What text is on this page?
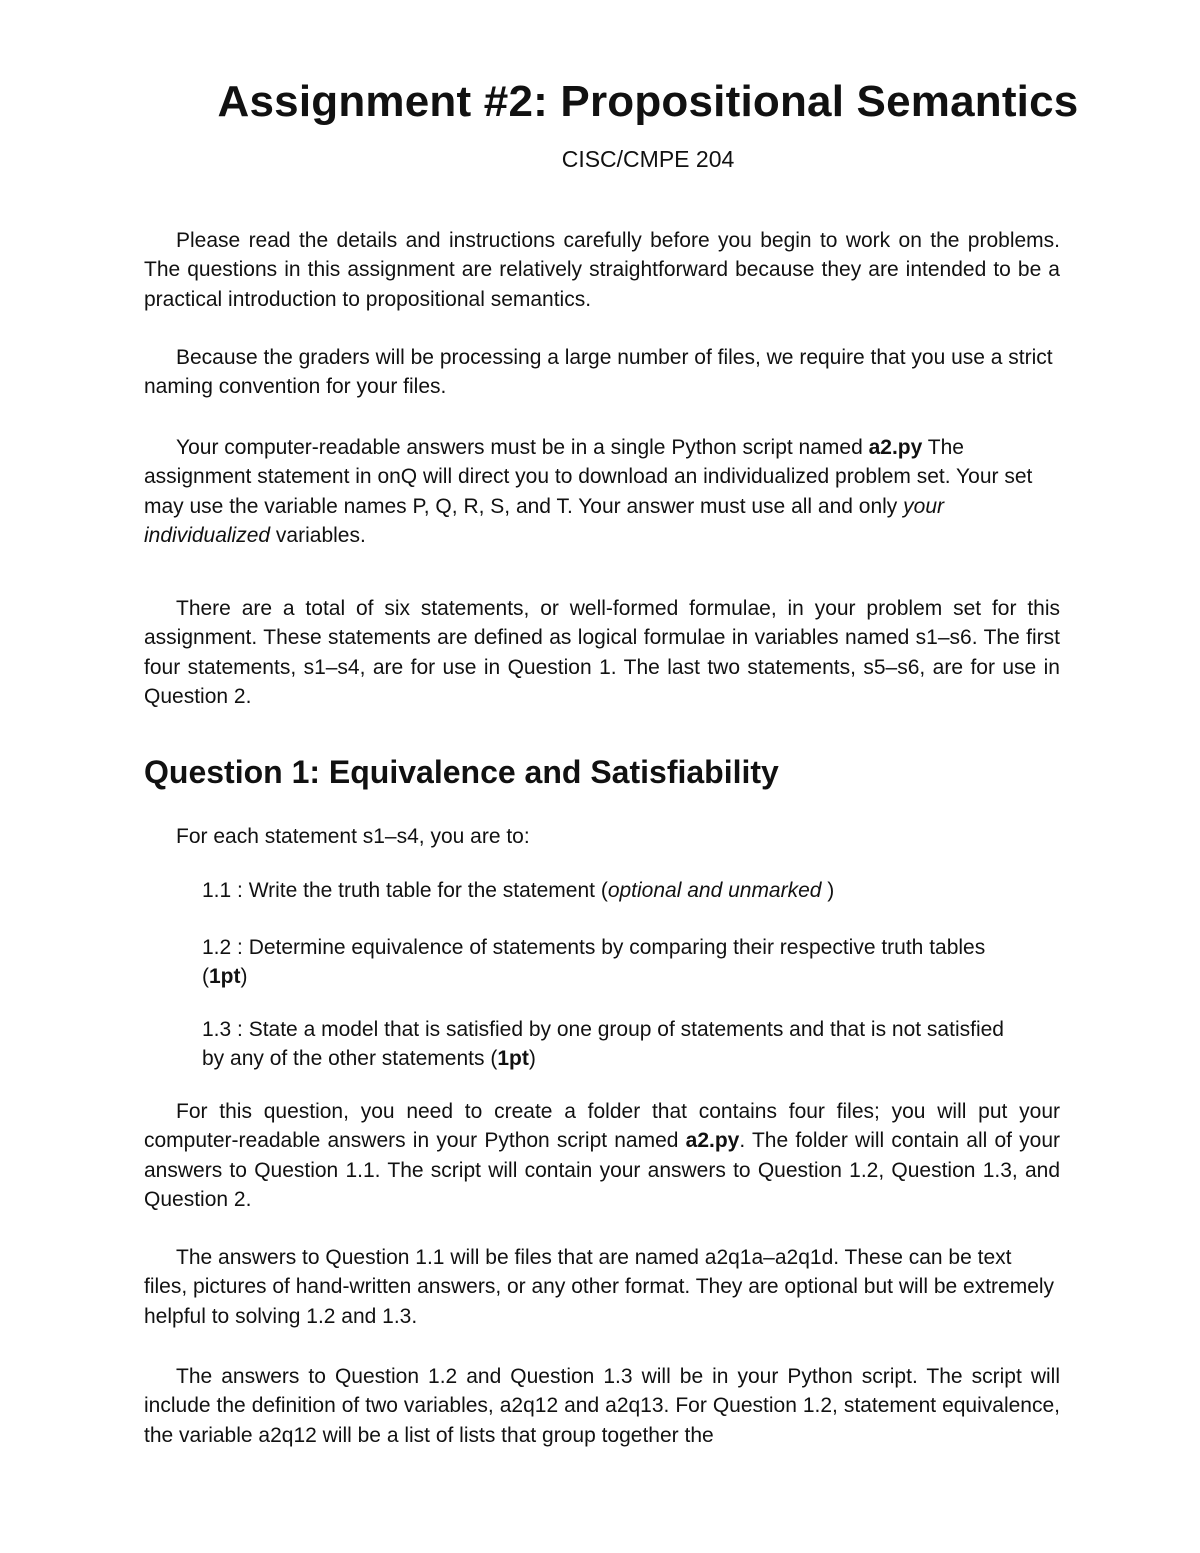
Assignment #2: Propositional Semantics
CISC/CMPE 204

Please read the details and instructions carefully before you begin to work on the problems. The questions in this assignment are relatively straightforward because they are intended to be a practical introduction to propositional semantics.

Because the graders will be processing a large number of files, we require that you use a strict naming convention for your files.

Your computer-readable answers must be in a single Python script named a2.py The assignment statement in onQ will direct you to download an individualized problem set. Your set may use the variable names P, Q, R, S, and T. Your answer must use all and only your individualized variables.

There are a total of six statements, or well-formed formulae, in your problem set for this assignment. These statements are defined as logical formulae in variables named s1–s6. The first four statements, s1–s4, are for use in Question 1. The last two statements, s5–s6, are for use in Question 2.

Question 1: Equivalence and Satisfiability

For each statement s1–s4, you are to:

1.1 : Write the truth table for the statement (optional and unmarked )

1.2 : Determine equivalence of statements by comparing their respective truth tables (1pt)

1.3 : State a model that is satisfied by one group of statements and that is not satisfied by any of the other statements (1pt)

For this question, you need to create a folder that contains four files; you will put your computer-readable answers in your Python script named a2.py. The folder will contain all of your answers to Question 1.1. The script will contain your answers to Question 1.2, Question 1.3, and Question 2.

The answers to Question 1.1 will be files that are named a2q1a–a2q1d. These can be text files, pictures of hand-written answers, or any other format. They are optional but will be extremely helpful to solving 1.2 and 1.3.

The answers to Question 1.2 and Question 1.3 will be in your Python script. The script will include the definition of two variables, a2q12 and a2q13. For Question 1.2, statement equivalence, the variable a2q12 will be a list of lists that group together the
